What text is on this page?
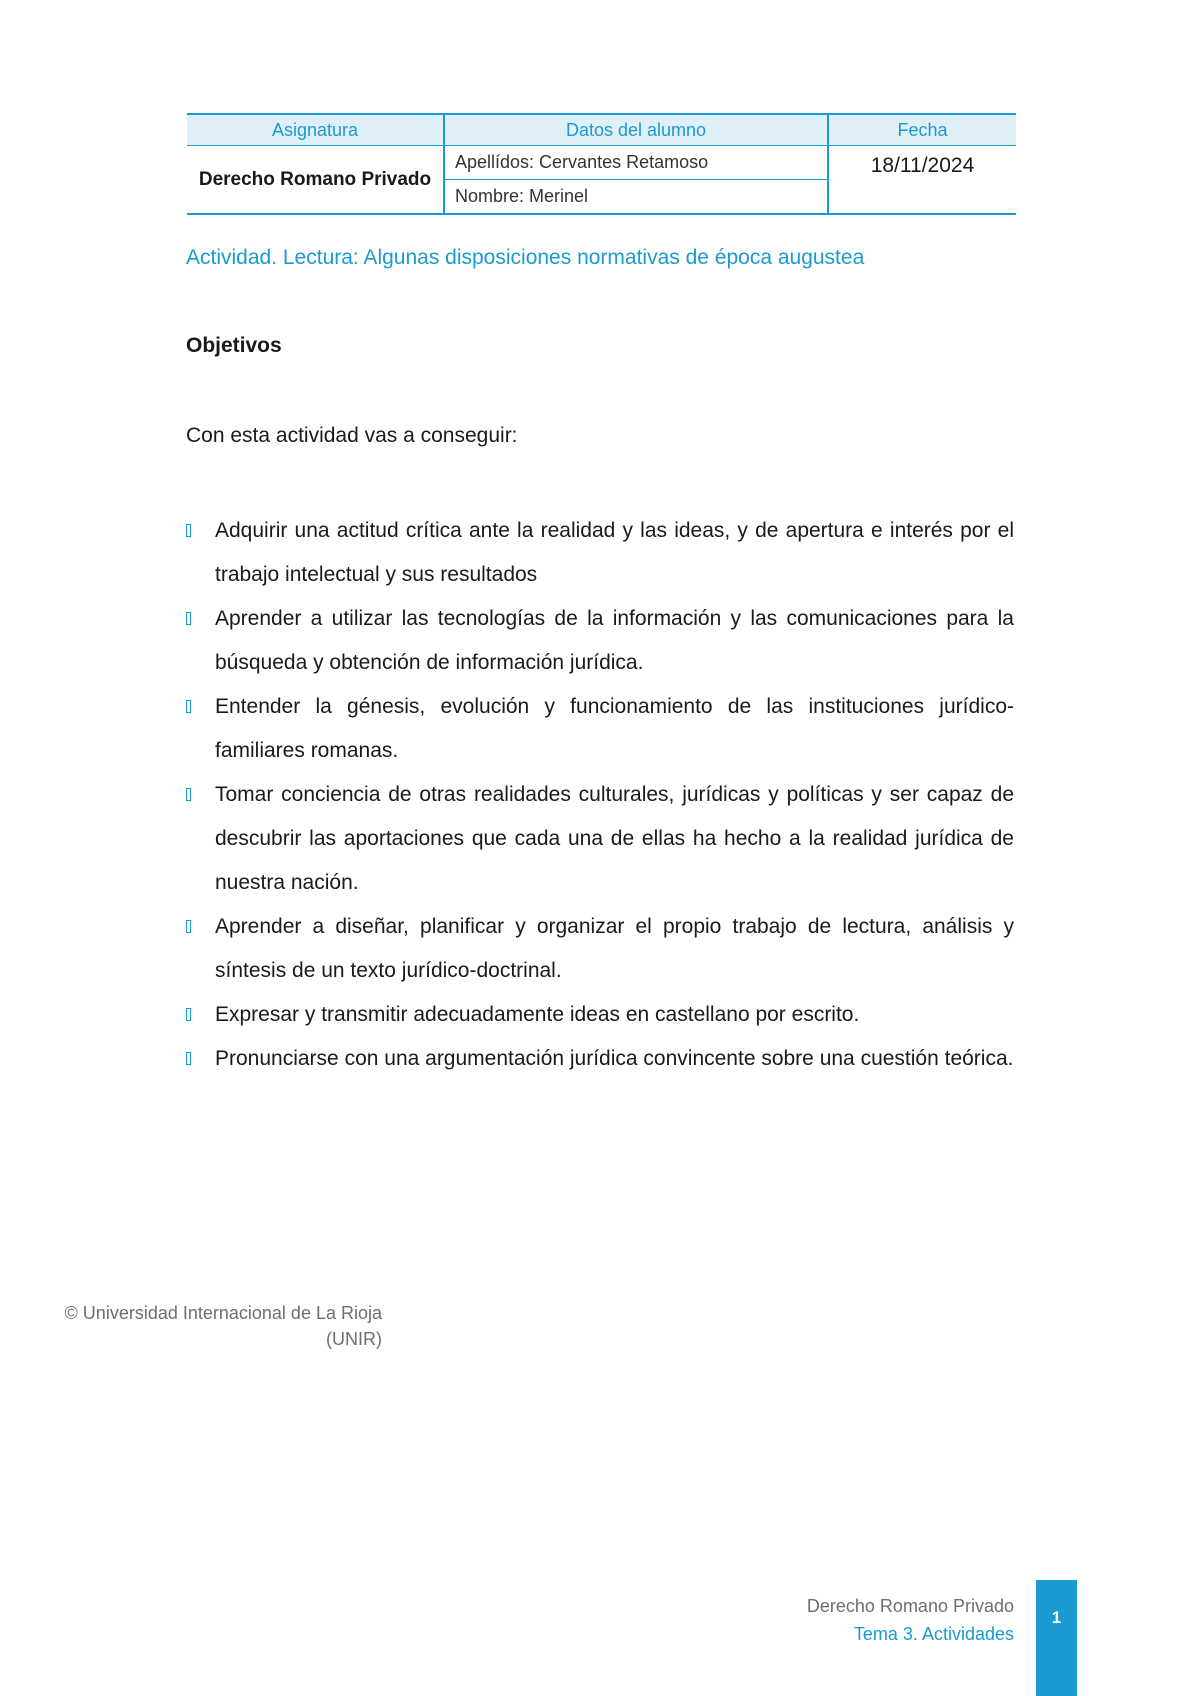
Asignatura	Datos del alumno	Fecha
Derecho Romano Privado	Apellídos: Cervantes Retamoso	18/11/2024
	Nombre: Merinel	
Actividad. Lectura: Algunas disposiciones normativas de época augustea
Objetivos
Con esta actividad vas a conseguir:
Adquirir una actitud crítica ante la realidad y las ideas, y de apertura e interés por el trabajo intelectual y sus resultados
Aprender a utilizar las tecnologías de la información y las comunicaciones para la búsqueda y obtención de información jurídica.
Entender la génesis, evolución y funcionamiento de las instituciones jurídico-familiares romanas.
Tomar conciencia de otras realidades culturales, jurídicas y políticas y ser capaz de descubrir las aportaciones que cada una de ellas ha hecho a la realidad jurídica de nuestra nación.
Aprender a diseñar, planificar y organizar el propio trabajo de lectura, análisis y síntesis de un texto jurídico-doctrinal.
Expresar y transmitir adecuadamente ideas en castellano por escrito.
Pronunciarse con una argumentación jurídica convincente sobre una cuestión teórica.
© Universidad Internacional de La Rioja
(UNIR)
Derecho Romano Privado
Tema 3. Actividades
1
